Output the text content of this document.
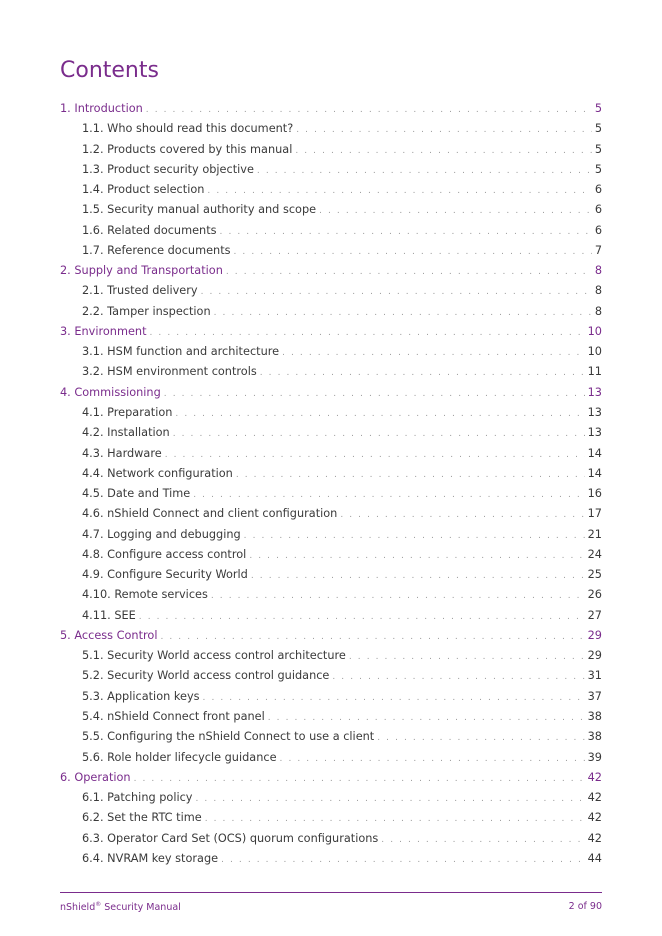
Contents
1. Introduction . . .	5
1.1. Who should read this document? . . .	5
1.2. Products covered by this manual . . .	5
1.3. Product security objective . . .	5
1.4. Product selection . . .	6
1.5. Security manual authority and scope . . .	6
1.6. Related documents . . .	6
1.7. Reference documents . . .	7
2. Supply and Transportation . . .	8
2.1. Trusted delivery . . .	8
2.2. Tamper inspection . . .	8
3. Environment . . .	10
3.1. HSM function and architecture . . .	10
3.2. HSM environment controls . . .	11
4. Commissioning . . .	13
4.1. Preparation . . .	13
4.2. Installation . . .	13
4.3. Hardware . . .	14
4.4. Network configuration . . .	14
4.5. Date and Time . . .	16
4.6. nShield Connect and client configuration . . .	17
4.7. Logging and debugging . . .	21
4.8. Configure access control . . .	24
4.9. Configure Security World . . .	25
4.10. Remote services . . .	26
4.11. SEE . . .	27
5. Access Control . . .	29
5.1. Security World access control architecture . . .	29
5.2. Security World access control guidance . . .	31
5.3. Application keys . . .	37
5.4. nShield Connect front panel . . .	38
5.5. Configuring the nShield Connect to use a client . . .	38
5.6. Role holder lifecycle guidance . . .	39
6. Operation . . .	42
6.1. Patching policy . . .	42
6.2. Set the RTC time . . .	42
6.3. Operator Card Set (OCS) quorum configurations . . .	42
6.4. NVRAM key storage . . .	44
nShield® Security Manual	2 of 90
